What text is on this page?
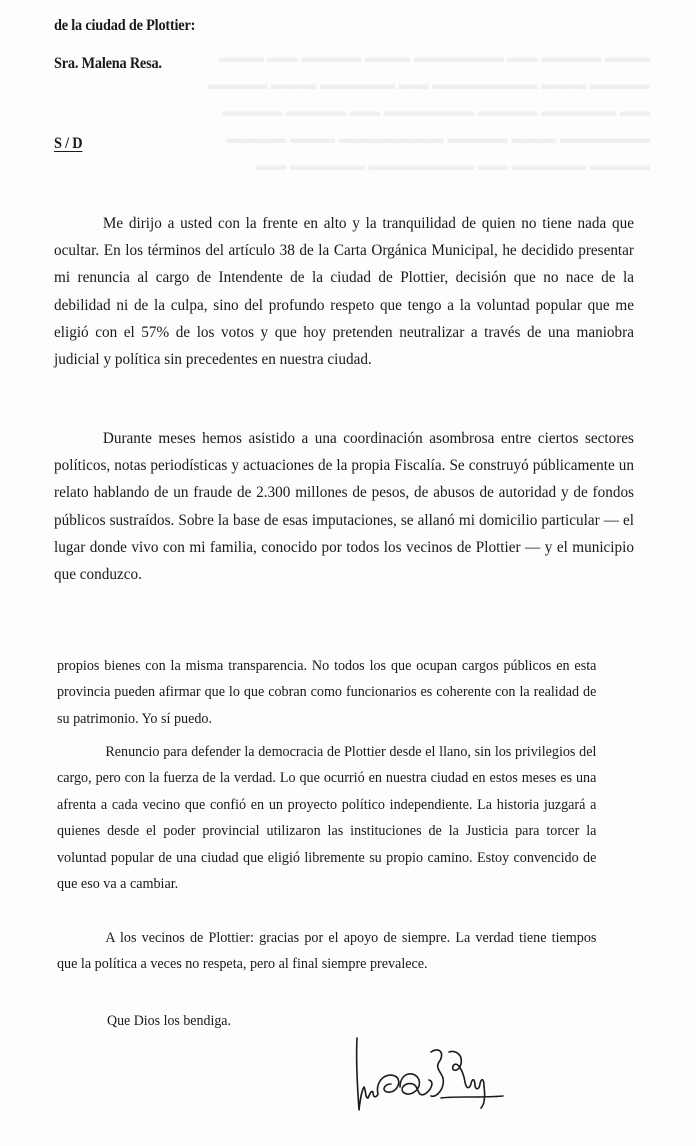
▬▬▬ ▬▬▬▬ ▬▬ ▬▬▬▬▬▬ ▬▬▬ ▬▬▬▬ ▬▬ ▬▬▬
▬▬▬▬ ▬▬▬ ▬▬▬▬▬▬▬ ▬▬ ▬▬▬▬▬ ▬▬▬ ▬▬▬▬
▬▬ ▬▬▬▬▬ ▬▬▬▬ ▬▬▬▬▬▬ ▬▬ ▬▬▬▬ ▬▬▬▬
▬▬▬▬▬▬ ▬▬▬ ▬▬▬▬ ▬▬▬▬▬▬▬ ▬▬▬ ▬▬▬▬
▬▬▬▬ ▬▬▬▬▬ ▬▬ ▬▬▬▬▬▬▬ ▬▬▬▬▬ ▬▬
de la ciudad de Plottier:
Sra. Malena Resa.
S / D

Me dirijo a usted con la frente en alto y la tranquilidad de quien no tiene nada que ocultar. En los términos del artículo 38 de la Carta Orgánica Municipal, he decidido presentar mi renuncia al cargo de Intendente de la ciudad de Plottier, decisión que no nace de la debilidad ni de la culpa, sino del profundo respeto que tengo a la voluntad popular que me eligió con el 57% de los votos y que hoy pretenden neutralizar a través de una maniobra judicial y política sin precedentes en nuestra ciudad.

Durante meses hemos asistido a una coordinación asombrosa entre ciertos sectores políticos, notas periodísticas y actuaciones de la propia Fiscalía. Se construyó públicamente un relato hablando de un fraude de 2.300 millones de pesos, de abusos de autoridad y de fondos públicos sustraídos. Sobre la base de esas imputaciones, se allanó mi domicilio particular — el lugar donde vivo con mi familia, conocido por todos los vecinos de Plottier — y el municipio que conduzco.

propios bienes con la misma transparencia. No todos los que ocupan cargos públicos en esta provincia pueden afirmar que lo que cobran como funcionarios es coherente con la realidad de su patrimonio. Yo sí puedo.

Renuncio para defender la democracia de Plottier desde el llano, sin los privilegios del cargo, pero con la fuerza de la verdad. Lo que ocurrió en nuestra ciudad en estos meses es una afrenta a cada vecino que confió en un proyecto político independiente. La historia juzgará a quienes desde el poder provincial utilizaron las instituciones de la Justicia para torcer la voluntad popular de una ciudad que eligió libremente su propio camino. Estoy convencido de que eso va a cambiar.

A los vecinos de Plottier: gracias por el apoyo de siempre. La verdad tiene tiempos que la política a veces no respeta, pero al final siempre prevalece.

Que Dios los bendiga.
